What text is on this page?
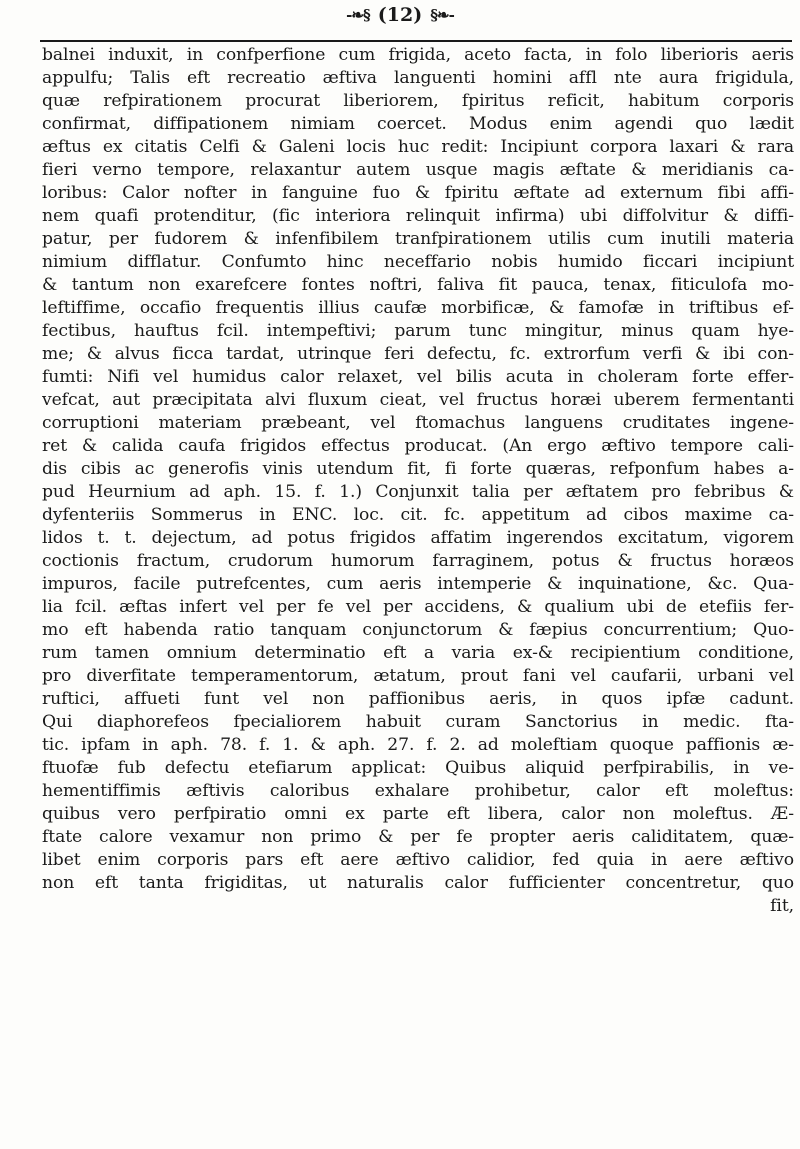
-❧§ (12) §❧-
balnei induxit, in confperfione cum frigida, aceto facta, in folo liberioris aeris
appulfu; Talis eft recreatio æftiva languenti homini affl nte aura frigidula,
quæ refpirationem procurat liberiorem, fpiritus reficit, habitum corporis
confirmat, diffipationem nimiam coercet. Modus enim agendi quo lædit
æftus ex citatis Celfi & Galeni locis huc redit: Incipiunt corpora laxari & rara
fieri verno tempore, relaxantur autem usque magis æftate & meridianis ca-
loribus: Calor nofter in fanguine fuo & fpiritu æftate ad externum fibi affi-
nem quafi protenditur, (fic interiora relinquit infirma) ubi diffolvitur & diffi-
patur, per fudorem & infenfibilem tranfpirationem utilis cum inutili materia
nimium difflatur. Confumto hinc neceffario nobis humido ficcari incipiunt
& tantum non exarefcere fontes noftri, faliva fit pauca, tenax, fiticulofa mo-
leftiffime, occafio frequentis illius caufæ morbificæ, & famofæ in triftibus ef-
fectibus, hauftus fcil. intempeftivi; parum tunc mingitur, minus quam hye-
me; & alvus ficca tardat, utrinque feri defectu, fc. extrorfum verfi & ibi con-
fumti: Nifi vel humidus calor relaxet, vel bilis acuta in choleram forte effer-
vefcat, aut præcipitata alvi fluxum cieat, vel fructus horæi uberem fermentanti
corruptioni materiam præbeant, vel ftomachus languens cruditates ingene-
ret & calida caufa frigidos effectus producat. (An ergo æftivo tempore cali-
dis cibis ac generofis vinis utendum fit, fi forte quæras, refponfum habes a-
pud Heurnium ad aph. 15. f. 1.) Conjunxit talia per æftatem pro febribus &
dyfenteriis Sommerus in ENC. loc. cit. fc. appetitum ad cibos maxime ca-
lidos t. t. dejectum, ad potus frigidos affatim ingerendos excitatum, vigorem
coctionis fractum, crudorum humorum farraginem, potus & fructus horæos
impuros, facile putrefcentes, cum aeris intemperie & inquinatione, &c. Qua-
lia fcil. æftas infert vel per fe vel per accidens, & qualium ubi de etefiis fer-
mo eft habenda ratio tanquam conjunctorum & fæpius concurrentium; Quo-
rum tamen omnium determinatio eft a varia ex-& recipientium conditione,
pro diverfitate temperamentorum, ætatum, prout fani vel caufarii, urbani vel
ruftici, affueti funt vel non paffionibus aeris, in quos ipfæ cadunt.
Qui diaphorefeos fpecialiorem habuit curam Sanctorius in medic. fta-
tic. ipfam in aph. 78. f. 1. & aph. 27. f. 2. ad moleftiam quoque paffionis æ-
ftuofæ fub defectu etefiarum applicat: Quibus aliquid perfpirabilis, in ve-
hementiffimis æftivis caloribus exhalare prohibetur, calor eft moleftus:
quibus vero perfpiratio omni ex parte eft libera, calor non moleftus. Æ-
ftate calore vexamur non primo & per fe propter aeris caliditatem, quæ-
libet enim corporis pars eft aere æftivo calidior, fed quia in aere æftivo
non eft tanta frigiditas, ut naturalis calor fufficienter concentretur, quo
fit,
